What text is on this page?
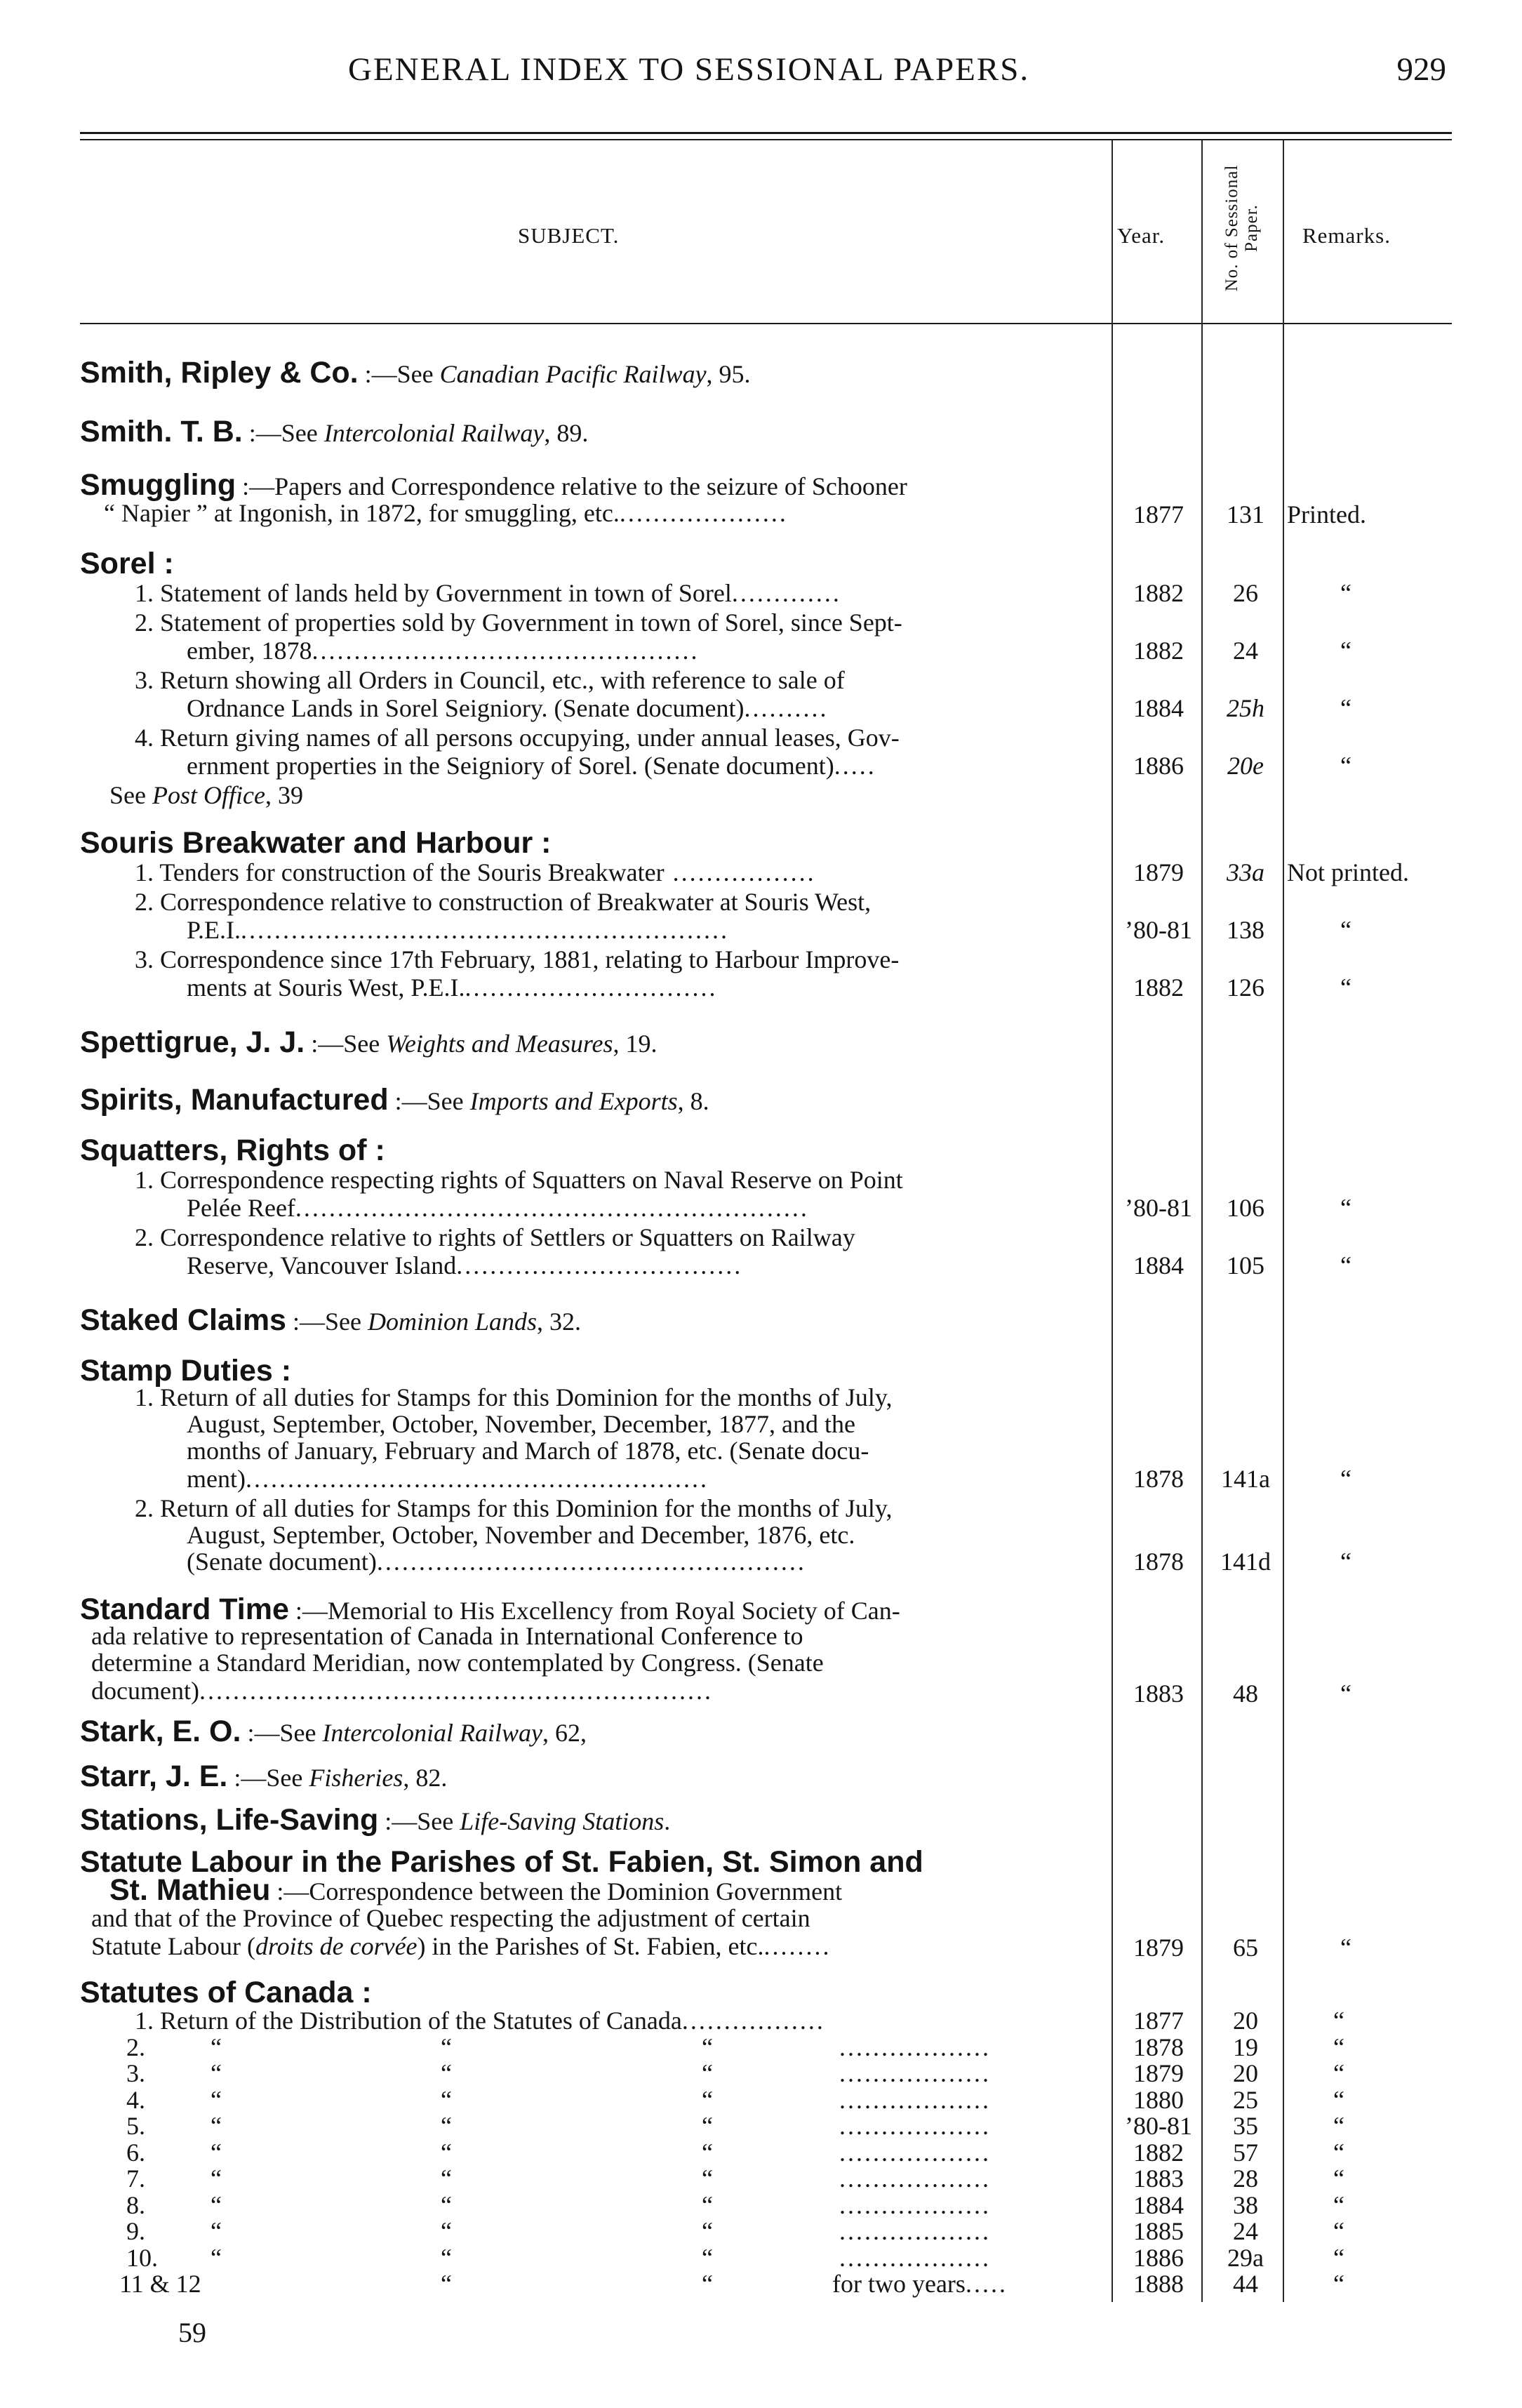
GENERAL INDEX TO SESSIONAL PAPERS.	929
SUBJECT.	Year.	No. of Sessional Paper. Remarks.
Smith, Ripley & Co. :—See Canadian Pacific Railway, 95.
Smith. T. B. :—See Intercolonial Railway, 89.
Smuggling :—Papers and Correspondence relative to the seizure of Schooner
“ Napier ” at Ingonish, in 1872, for smuggling, etc.....................	1877	131 Printed.
Sorel :
1. Statement of lands held by Government in town of Sorel.............	1882	26	“
2. Statement of properties sold by Government in town of Sorel, since Sept-
ember, 1878..............................................	1882	24	“
3. Return showing all Orders in Council, etc., with reference to sale of
Ordnance Lands in Sorel Seigniory. (Senate document)..........	1884	25h	“
4. Return giving names of all persons occupying, under annual leases, Gov-
ernment properties in the Seigniory of Sorel. (Senate document).....	1886	20e	“
See Post Office, 39
Souris Breakwater and Harbour :
1. Tenders for construction of the Souris Breakwater .................	1879	33a Not printed.
2. Correspondence relative to construction of Breakwater at Souris West,
P.E.I...........................................................	’80-81	138	“
3. Correspondence since 17th February, 1881, relating to Harbour Improve-
ments at Souris West, P.E.I...............................	1882	126	“
Spettigrue, J. J. :—See Weights and Measures, 19.
Spirits, Manufactured :—See Imports and Exports, 8.
Squatters, Rights of :
1. Correspondence respecting rights of Squatters on Naval Reserve on Point
Pelée Reef.............................................................	’80-81	106	“
2. Correspondence relative to rights of Settlers or Squatters on Railway
Reserve, Vancouver Island..................................	1884	105	“
Staked Claims :—See Dominion Lands, 32.
Stamp Duties :
1. Return of all duties for Stamps for this Dominion for the months of July,
August, September, October, November, December, 1877, and the
months of January, February and March of 1878, etc. (Senate docu-
ment).......................................................	1878	141a	“
2. Return of all duties for Stamps for this Dominion for the months of July,
August, September, October, November and December, 1876, etc.
(Senate document)...................................................	1878	141d	“
Standard Time :—Memorial to His Excellency from Royal Society of Can-
ada relative to representation of Canada in International Conference to
determine a Standard Meridian, now contemplated by Congress. (Senate
document).............................................................	1883	48	“
Stark, E. O. :—See Intercolonial Railway, 62,
Starr, J. E. :—See Fisheries, 82.
Stations, Life-Saving :—See Life-Saving Stations.
Statute Labour in the Parishes of St. Fabien, St. Simon and
St. Mathieu :—Correspondence between the Dominion Government
and that of the Province of Quebec respecting the adjustment of certain
Statute Labour (droits de corvée) in the Parishes of St. Fabien, etc.........	1879	65	“
Statutes of Canada :
1. Return of the Distribution of the Statutes of Canada.................	1877	20	“
2.	“	“	“	..................	1878	19	“
3.	“	“	“	..................	1879	20	“
4.	“	“	“	..................	1880	25	“
5.	“	“	“	..................	’80-81	35	“
6.	“	“	“	..................	1882	57	“
7.	“	“	“	..................	1883	28	“
8.	“	“	“	..................	1884	38	“
9.	“	“	“	..................	1885	24	“
10. “	“	“	..................	1886	29a	“
11 & 12	“	“	for two years.....	1888	44	“
59
